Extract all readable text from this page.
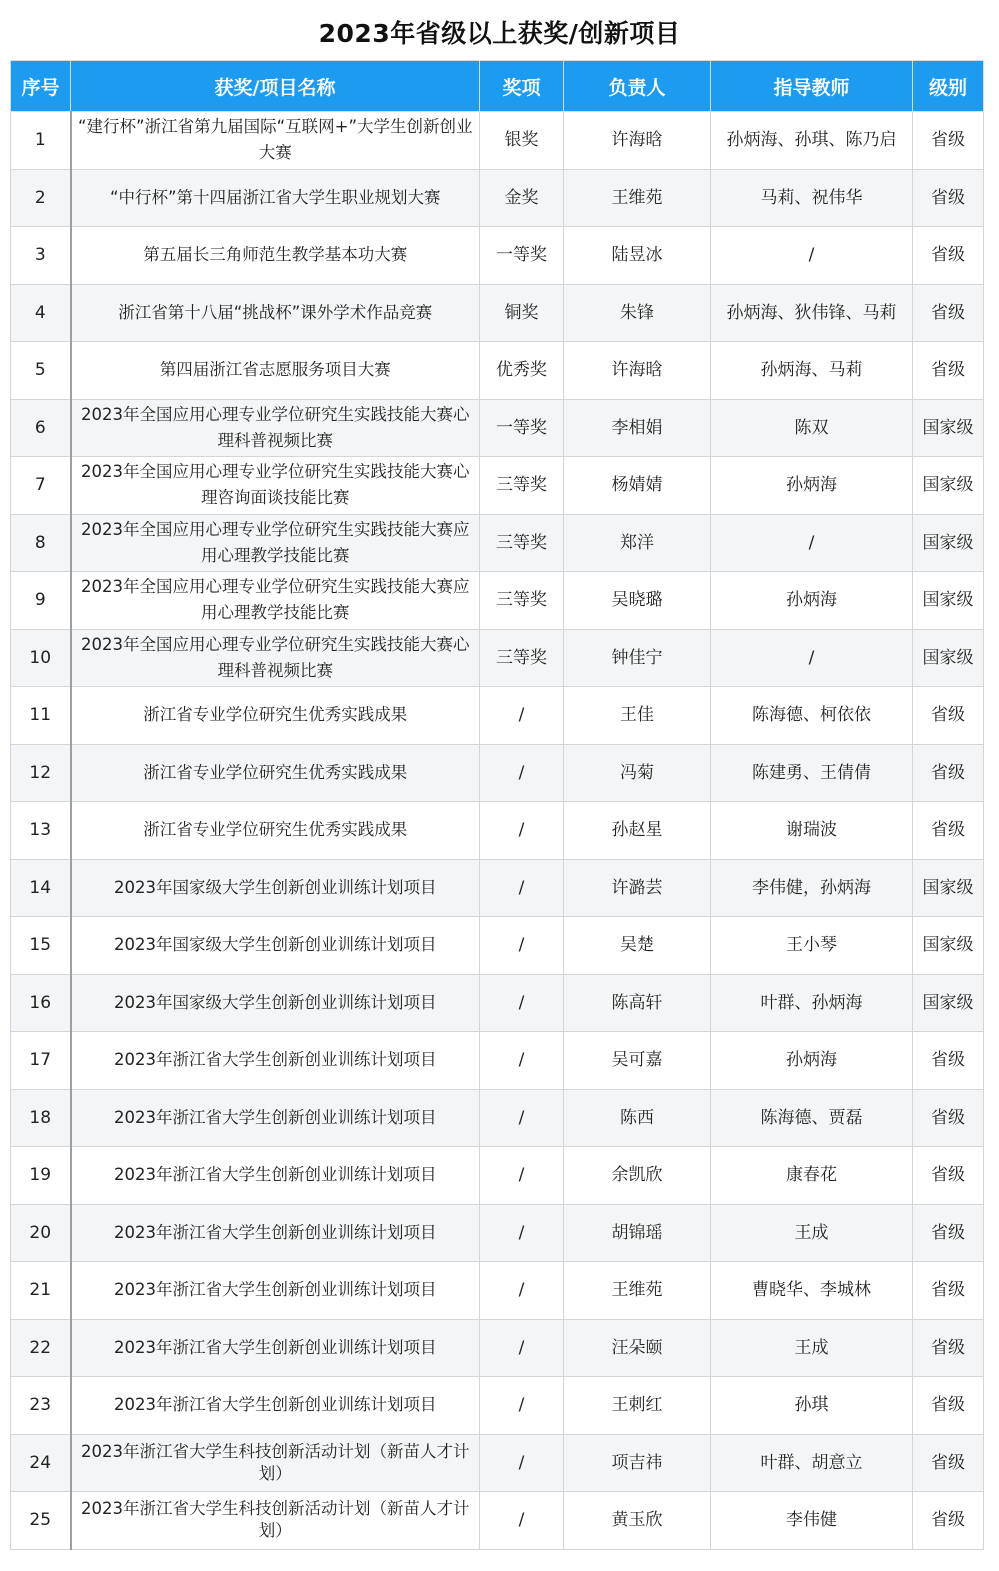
2023年省级以上获奖/创新项目
序号	获奖/项目名称	奖项	负责人	指导教师	级别
1	“建行杯”浙江省第九届国际“互联网+”大学生创新创业大赛	银奖	许海晗	孙炳海、孙琪、陈乃启	省级
2	“中行杯”第十四届浙江省大学生职业规划大赛	金奖	王维苑	马莉、祝伟华	省级
3	第五届长三角师范生教学基本功大赛	一等奖	陆昱冰	/	省级
4	浙江省第十八届“挑战杯”课外学术作品竞赛	铜奖	朱锋	孙炳海、狄伟锋、马莉	省级
5	第四届浙江省志愿服务项目大赛	优秀奖	许海晗	孙炳海、马莉	省级
6	2023年全国应用心理专业学位研究生实践技能大赛心理科普视频比赛	一等奖	李相娟	陈双	国家级
7	2023年全国应用心理专业学位研究生实践技能大赛心理咨询面谈技能比赛	三等奖	杨婧婧	孙炳海	国家级
8	2023年全国应用心理专业学位研究生实践技能大赛应用心理教学技能比赛	三等奖	郑洋	/	国家级
9	2023年全国应用心理专业学位研究生实践技能大赛应用心理教学技能比赛	三等奖	吴晓璐	孙炳海	国家级
10	2023年全国应用心理专业学位研究生实践技能大赛心理科普视频比赛	三等奖	钟佳宁	/	国家级
11	浙江省专业学位研究生优秀实践成果	/	王佳	陈海德、柯依依	省级
12	浙江省专业学位研究生优秀实践成果	/	冯菊	陈建勇、王倩倩	省级
13	浙江省专业学位研究生优秀实践成果	/	孙赵星	谢瑞波	省级
14	2023年国家级大学生创新创业训练计划项目	/	许潞芸	李伟健，孙炳海	国家级
15	2023年国家级大学生创新创业训练计划项目	/	吴楚	王小琴	国家级
16	2023年国家级大学生创新创业训练计划项目	/	陈高轩	叶群、孙炳海	国家级
17	2023年浙江省大学生创新创业训练计划项目	/	吴可嘉	孙炳海	省级
18	2023年浙江省大学生创新创业训练计划项目	/	陈西	陈海德、贾磊	省级
19	2023年浙江省大学生创新创业训练计划项目	/	余凯欣	康春花	省级
20	2023年浙江省大学生创新创业训练计划项目	/	胡锦瑶	王成	省级
21	2023年浙江省大学生创新创业训练计划项目	/	王维苑	曹晓华、李城林	省级
22	2023年浙江省大学生创新创业训练计划项目	/	汪朵颐	王成	省级
23	2023年浙江省大学生创新创业训练计划项目	/	王刺红	孙琪	省级
24	2023年浙江省大学生科技创新活动计划（新苗人才计划）	/	项吉祎	叶群、胡意立	省级
25	2023年浙江省大学生科技创新活动计划（新苗人才计划）	/	黄玉欣	李伟健	省级
